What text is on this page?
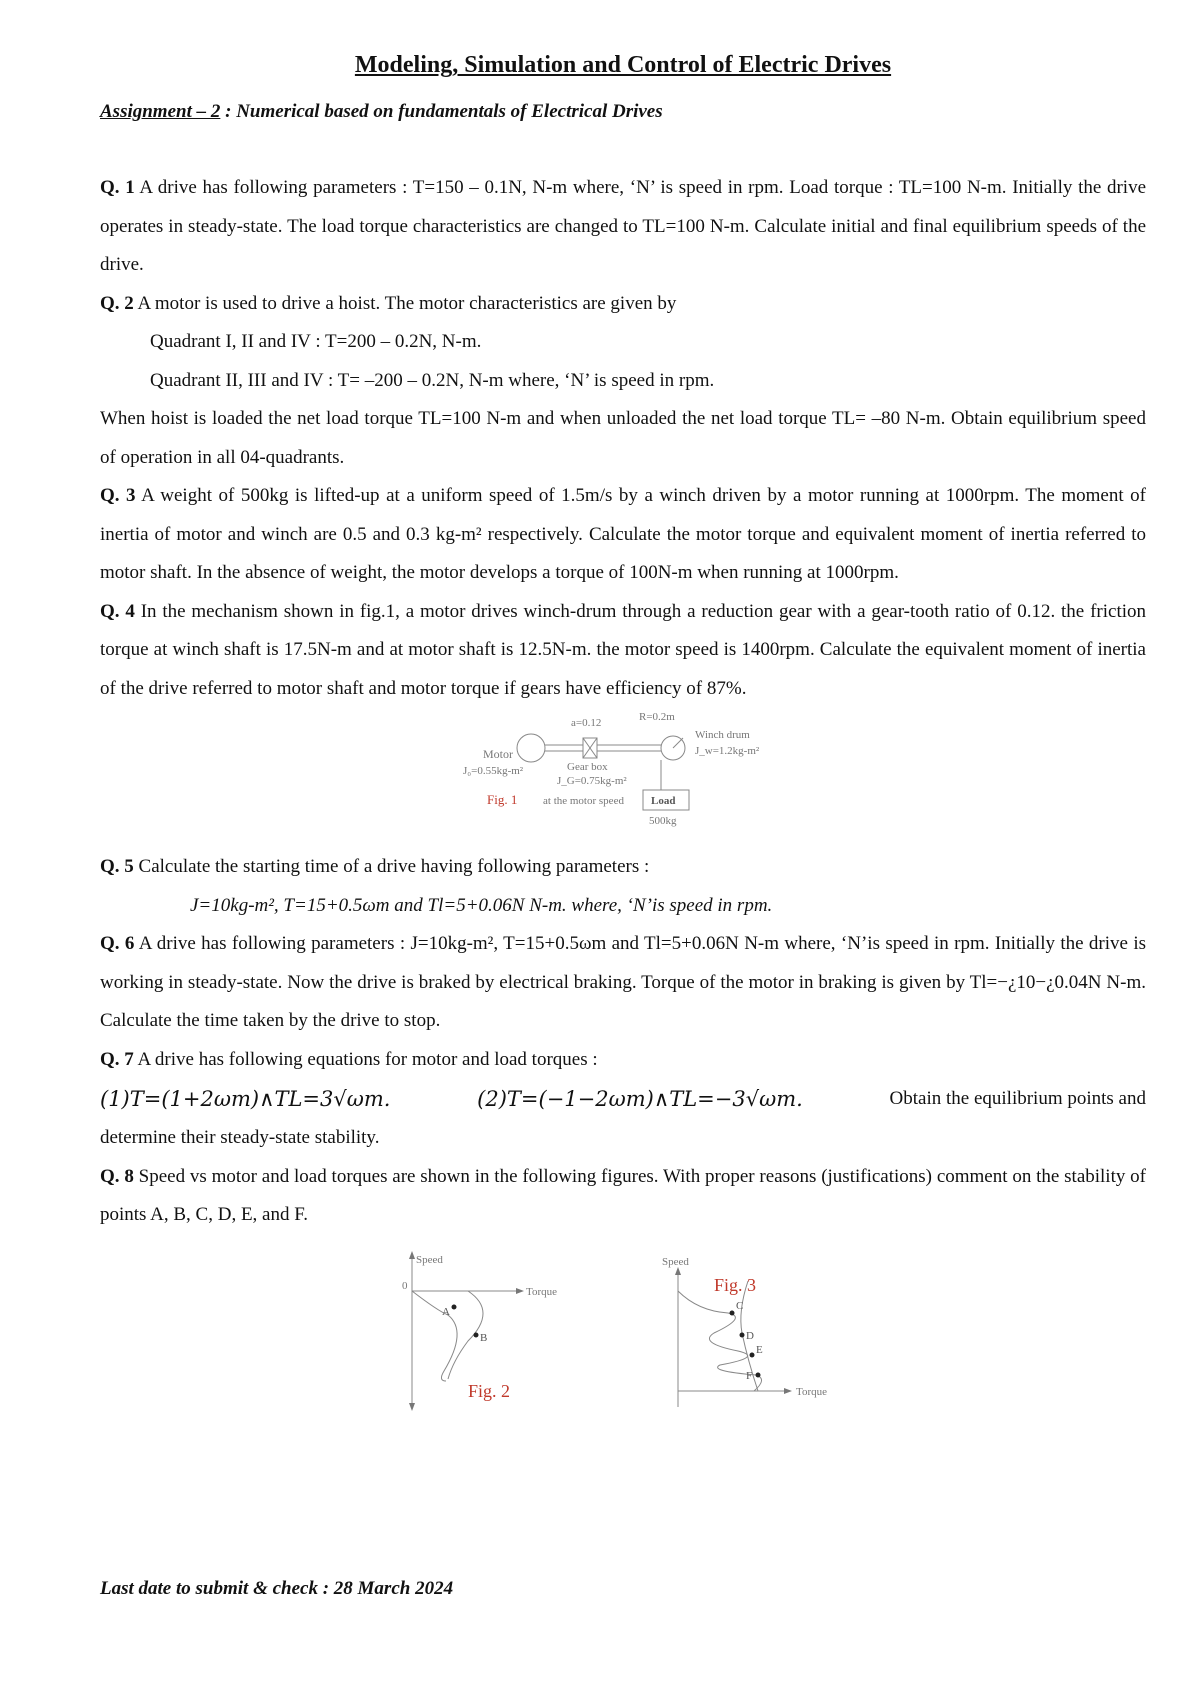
Modeling, Simulation and Control of Electric Drives
Assignment – 2 : Numerical based on fundamentals of Electrical Drives

Q. 1 A drive has following parameters : T=150 – 0.1N, N-m where, ‘N’ is speed in rpm. Load torque : TL=100 N-m. Initially the drive operates in steady-state. The load torque characteristics are changed to TL=100 N-m. Calculate initial and final equilibrium speeds of the drive.

Q. 2 A motor is used to drive a hoist. The motor characteristics are given by

Quadrant I, II and IV : T=200 – 0.2N, N-m.

Quadrant II, III and IV : T= –200 – 0.2N, N-m where, ‘N’ is speed in rpm.

When hoist is loaded the net load torque TL=100 N-m and when unloaded the net load torque TL= –80 N-m. Obtain equilibrium speed of operation in all 04-quadrants.

Q. 3 A weight of 500kg is lifted-up at a uniform speed of 1.5m/s by a winch driven by a motor running at 1000rpm. The moment of inertia of motor and winch are 0.5 and 0.3 kg-m² respectively. Calculate the motor torque and equivalent moment of inertia referred to motor shaft. In the absence of weight, the motor develops a torque of 100N-m when running at 1000rpm.

Q. 4 In the mechanism shown in fig.1, a motor drives winch-drum through a reduction gear with a gear-tooth ratio of 0.12. the friction torque at winch shaft is 17.5N-m and at motor shaft is 12.5N-m. the motor speed is 1400rpm. Calculate the equivalent moment of inertia of the drive referred to motor shaft and motor torque if gears have efficiency of 87%.

Motor
J₀=0.55kg-m²
a=0.12
Gear box
J_G=0.75kg-m²
at the motor speed
R=0.2m
Winch drum
J_w=1.2kg-m²
Load
500kg
Fig. 1

Q. 5 Calculate the starting time of a drive having following parameters :

J=10kg-m², T=15+0.5ωm and Tl=5+0.06N N-m. where, ‘N’is speed in rpm.

Q. 6 A drive has following parameters : J=10kg-m², T=15+0.5ωm and Tl=5+0.06N N-m where, ‘N’is speed in rpm. Initially the drive is working in steady-state. Now the drive is braked by electrical braking. Torque of the motor in braking is given by Tl=−¿10−¿0.04N N-m. Calculate the time taken by the drive to stop.

Q. 7 A drive has following equations for motor and load torques :

(1)T=(1+2ωm)∧TL=3√ωm.	(2)T=(−1−2ωm)∧TL=−3√ωm.	Obtain the equilibrium points and

determine their steady-state stability.

Q. 8 Speed vs motor and load torques are shown in the following figures. With proper reasons (justifications) comment on the stability of points A, B, C, D, E, and F.

Speed
0	Torque
A
B
Fig. 2
Speed
Torque
C
D
E
F
Fig. 3
Last date to submit & check : 28 March 2024
